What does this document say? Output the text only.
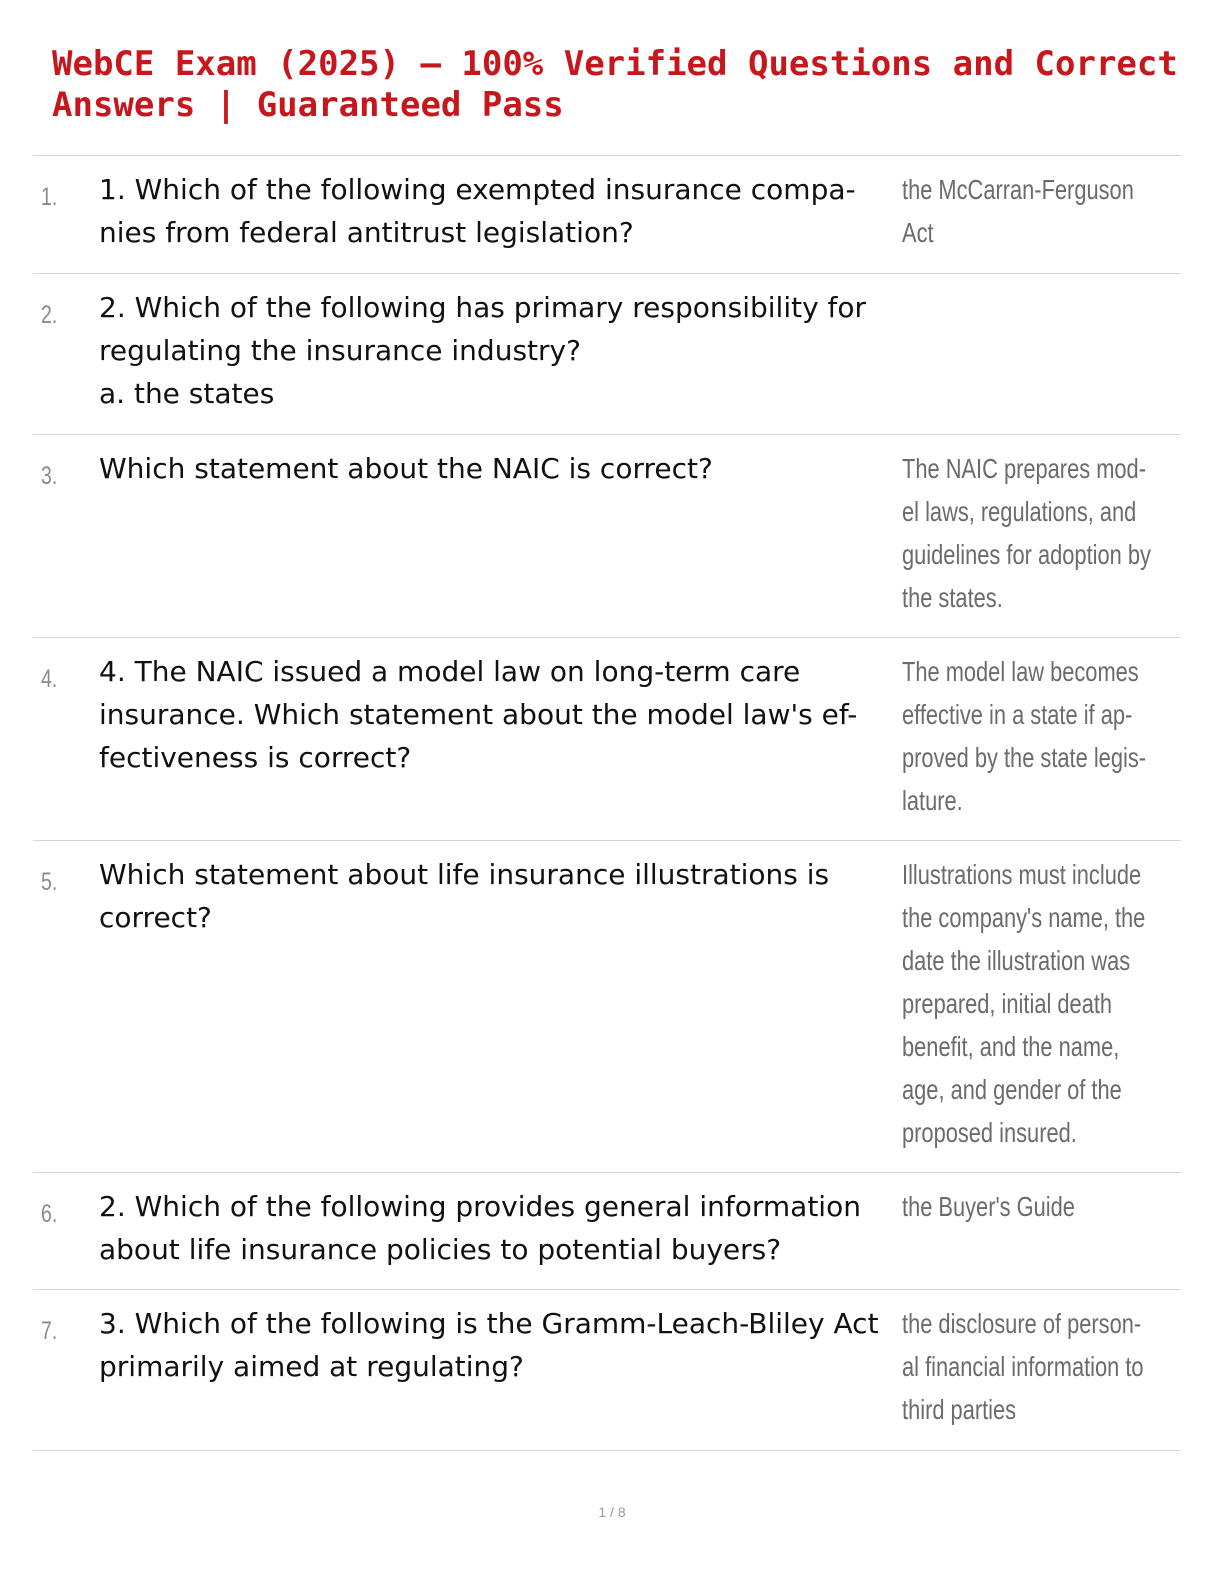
WebCE Exam (2025) – 100% Verified Questions and Correct Answers | Guaranteed Pass
1. 1. Which of the following exempted insurance compa-
nies from federal antitrust legislation?
the McCarran-Ferguson
Act
2. 2. Which of the following has primary responsibility for
regulating the insurance industry?
a. the states
3. Which statement about the NAIC is correct?	The NAIC prepares mod-
el laws, regulations, and
guidelines for adoption by
the states.
4. 4. The NAIC issued a model law on long-term care
insurance. Which statement about the model law's ef-
fectiveness is correct?
The model law becomes
effective in a state if ap-
proved by the state legis-
lature.
5. Which statement about life insurance illustrations is
correct?
Illustrations must include
the company's name, the
date the illustration was
prepared, initial death
benefit, and the name,
age, and gender of the
proposed insured.
6. 2. Which of the following provides general information
about life insurance policies to potential buyers?
the Buyer's Guide
7. 3. Which of the following is the Gramm-Leach-Bliley Act
primarily aimed at regulating?
the disclosure of person-
al financial information to
third parties
1 / 8
